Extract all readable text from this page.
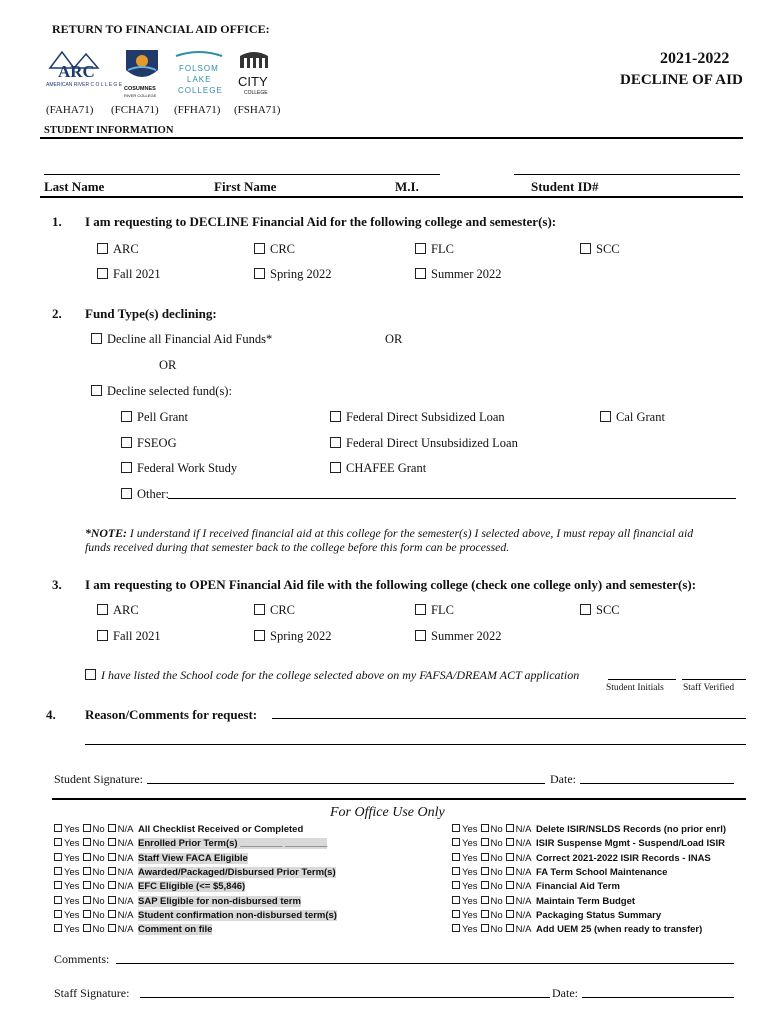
RETURN TO FINANCIAL AID OFFICE:
2021-2022
DECLINE OF AID
ARC
AMERICAN RIVER C O L L E G E
COSUMNES
RIVER COLLEGE
FOLSOM
LAKE
COLLEGE
CITY
COLLEGE
(FAHA71) (FCHA71) (FFHA71) (FSHA71)
STUDENT INFORMATION
Last Name	First Name	M.I.	Student ID#
1. I am requesting to DECLINE Financial Aid for the following college and semester(s):
ARC	CRC	FLC	SCC
Fall 2021	Spring 2022	Summer 2022
2. Fund Type(s) declining:
Decline all Financial Aid Funds*	OR
OR
Decline selected fund(s):
Pell Grant	Federal Direct Subsidized Loan	Cal Grant
FSEOG	Federal Direct Unsubsidized Loan
Federal Work Study	CHAFEE Grant
Other:
*NOTE: I understand if I received financial aid at this college for the semester(s) I selected above, I must repay all financial aid
funds received during that semester back to the college before this form can be processed.
3. I am requesting to OPEN Financial Aid file with the following college (check one college only) and semester(s):
ARC	CRC	FLC	SCC
Fall 2021	Spring 2022	Summer 2022
I have listed the School code for the college selected above on my FAFSA/DREAM ACT application
Student Initials Staff Verified
4. Reason/Comments for request:
Student Signature:	Date:
For Office Use Only
Comments:
Staff Signature:	Date:
Yes No N/A All Checklist Received or Completed
Yes No N/A Enrolled Prior Term(s) ________ ________
Yes No N/A Staff View FACA Eligible
Yes No N/A Awarded/Packaged/Disbursed Prior Term(s)
Yes No N/A EFC Eligible (<= $5,846)
Yes No N/A SAP Eligible for non-disbursed term
Yes No N/A Student confirmation non-disbursed term(s)
Yes No N/A Comment on file
Yes No N/A Delete ISIR/NSLDS Records (no prior enrl)
Yes No N/A ISIR Suspense Mgmt - Suspend/Load ISIR
Yes No N/A Correct 2021-2022 ISIR Records - INAS
Yes No N/A FA Term School Maintenance
Yes No N/A Financial Aid Term
Yes No N/A Maintain Term Budget
Yes No N/A Packaging Status Summary
Yes No N/A Add UEM 25 (when ready to transfer)
